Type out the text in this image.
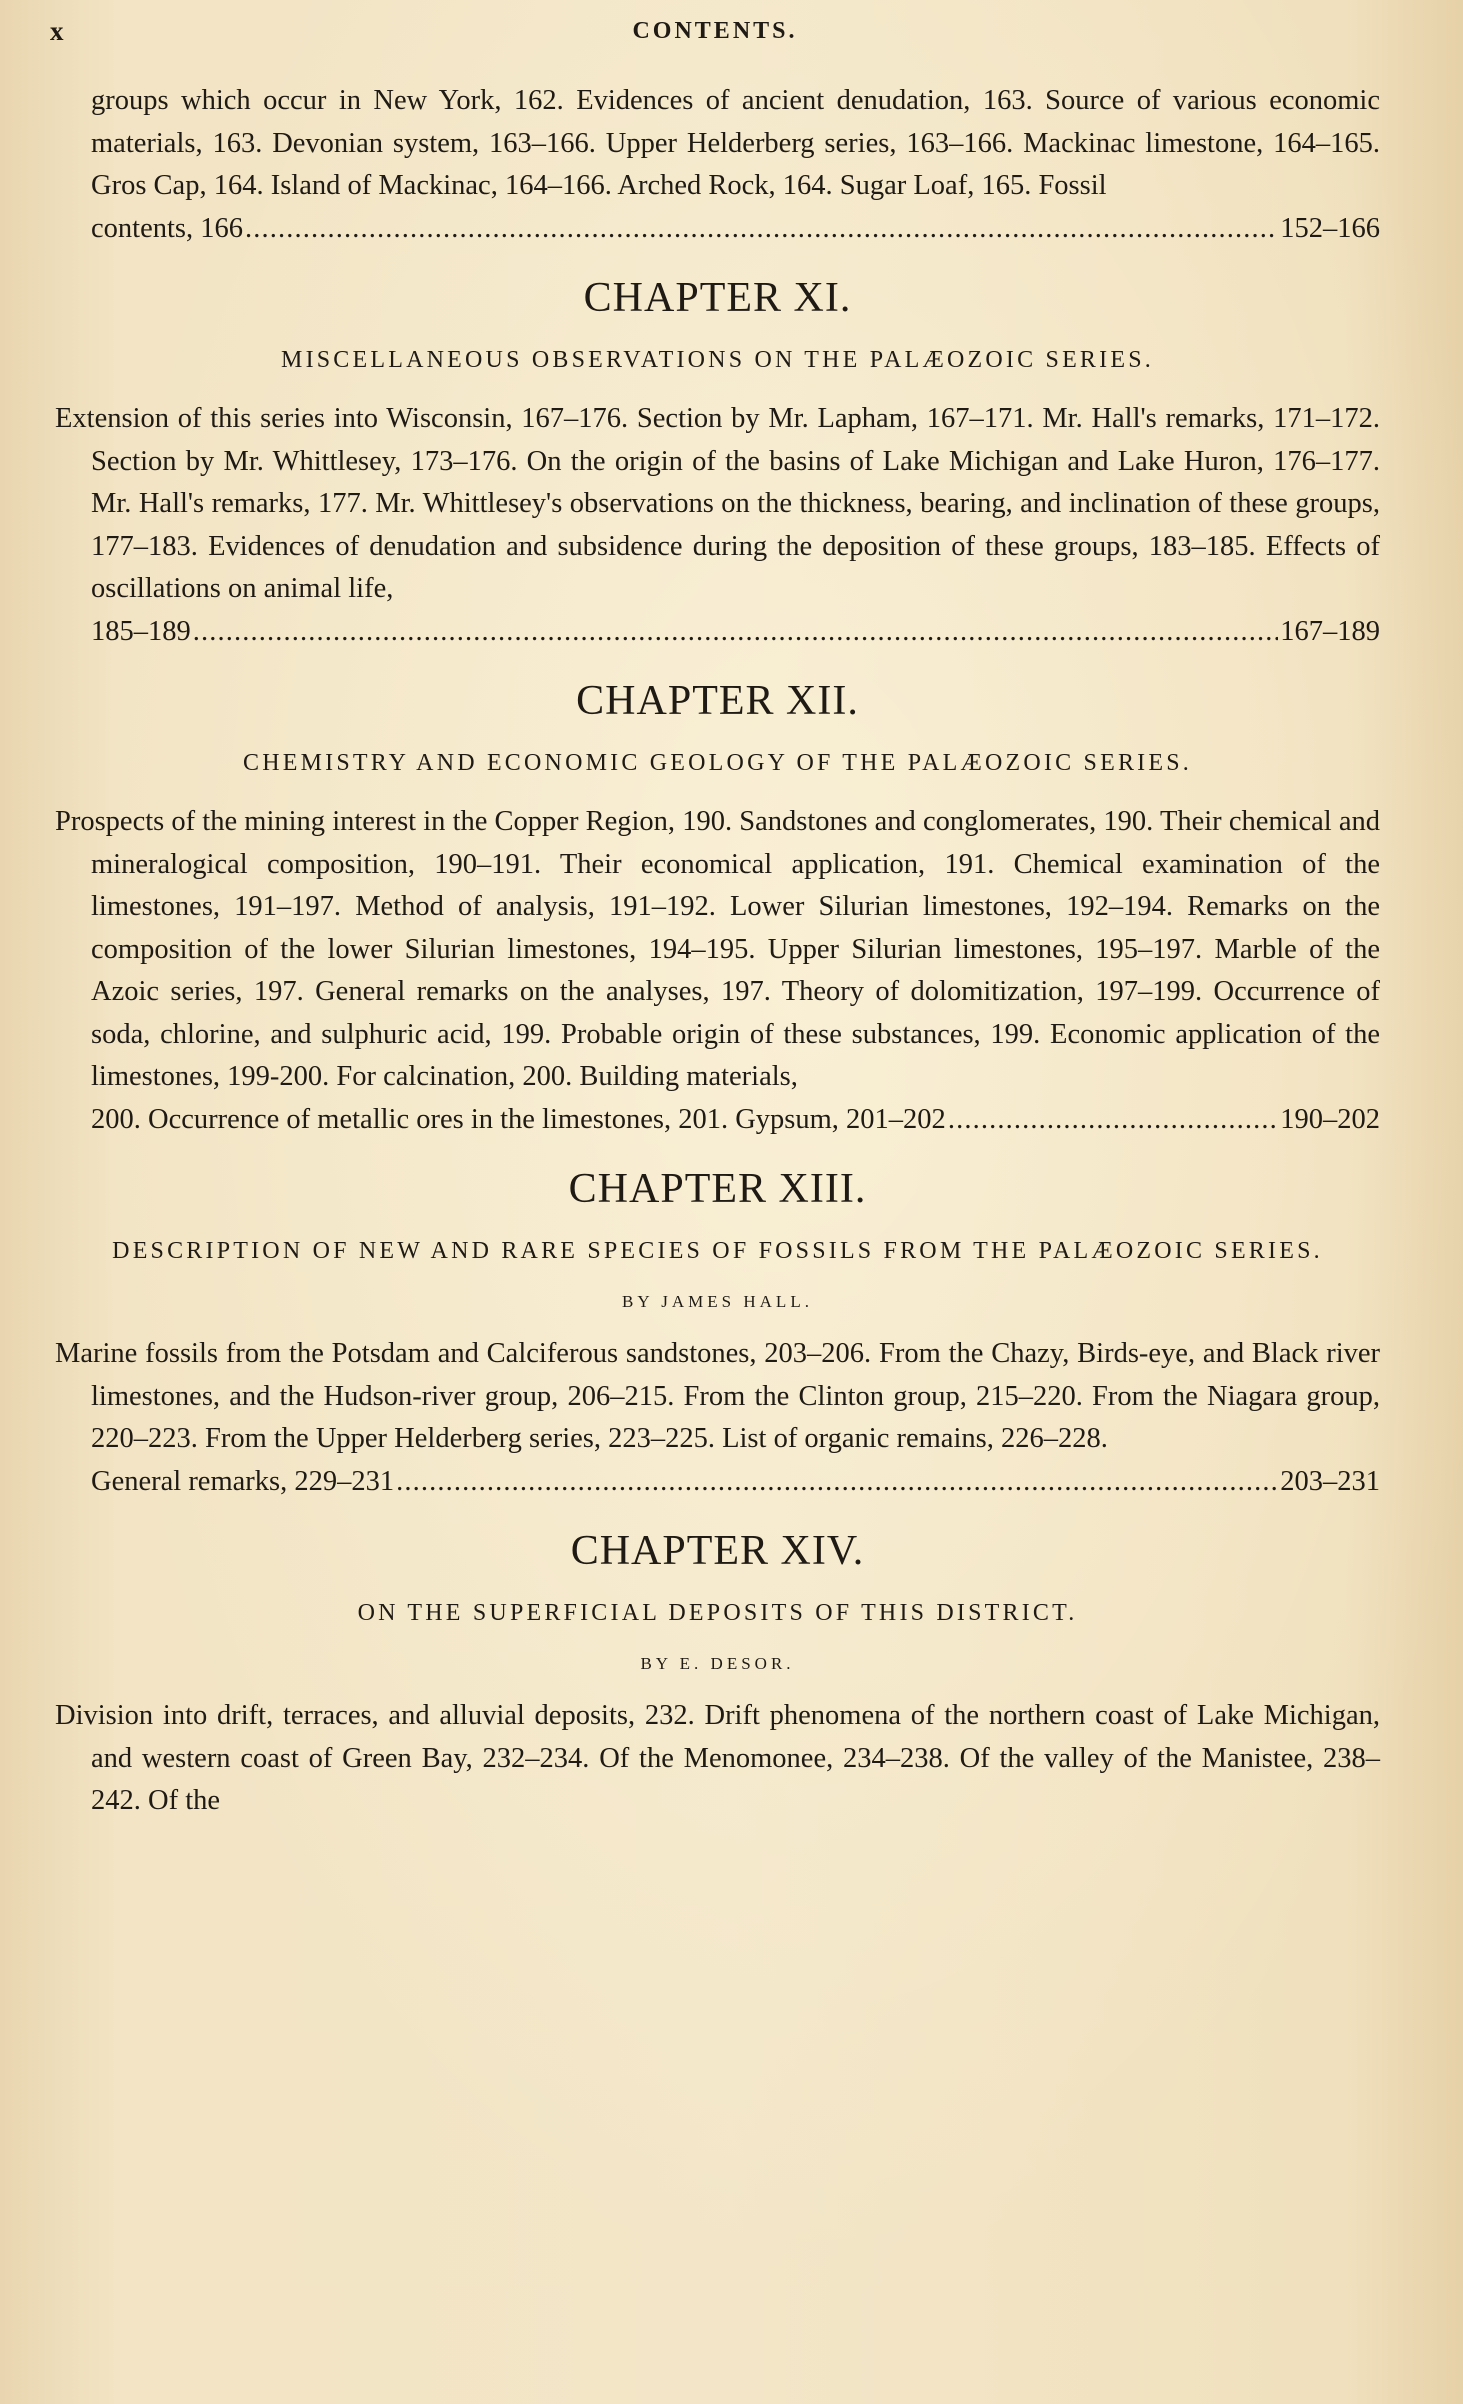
x	CONTENTS.

groups which occur in New York, 162. Evidences of ancient denudation, 163. Source of various economic materials, 163. Devonian system, 163–166. Upper Helderberg series, 163–166. Mackinac limestone, 164–165. Gros Cap, 164. Island of Mackinac, 164–166. Arched Rock, 164. Sugar Loaf, 165. Fossil

contents, 166 . . .	152–166
CHAPTER XI.
MISCELLANEOUS OBSERVATIONS ON THE PALÆOZOIC SERIES.

Extension of this series into Wisconsin, 167–176. Section by Mr. Lapham, 167–171. Mr. Hall's remarks, 171–172. Section by Mr. Whittlesey, 173–176. On the origin of the basins of Lake Michigan and Lake Huron, 176–177. Mr. Hall's remarks, 177. Mr. Whittlesey's observations on the thickness, bearing, and inclination of these groups, 177–183. Evidences of denudation and subsidence during the deposition of these groups, 183–185. Effects of oscillations on animal life,

185–189 . . .	167–189
CHAPTER XII.
CHEMISTRY AND ECONOMIC GEOLOGY OF THE PALÆOZOIC SERIES.

Prospects of the mining interest in the Copper Region, 190. Sandstones and conglomerates, 190. Their chemical and mineralogical composition, 190–191. Their economical application, 191. Chemical examination of the limestones, 191–197. Method of analysis, 191–192. Lower Silurian limestones, 192–194. Remarks on the composition of the lower Silurian limestones, 194–195. Upper Silurian limestones, 195–197. Marble of the Azoic series, 197. General remarks on the analyses, 197. Theory of dolomitization, 197–199. Occurrence of soda, chlorine, and sulphuric acid, 199. Probable origin of these substances, 199. Economic application of the limestones, 199-200. For calcination, 200. Building materials,

200. Occurrence of metallic ores in the limestones, 201. Gypsum, 201–202 . . .	190–202
CHAPTER XIII.
DESCRIPTION OF NEW AND RARE SPECIES OF FOSSILS FROM THE PALÆOZOIC SERIES.
BY JAMES HALL.

Marine fossils from the Potsdam and Calciferous sandstones, 203–206. From the Chazy, Birds-eye, and Black river limestones, and the Hudson-river group, 206–215. From the Clinton group, 215–220. From the Niagara group, 220–223. From the Upper Helderberg series, 223–225. List of organic remains, 226–228.

General remarks, 229–231 . . .	203–231
CHAPTER XIV.
ON THE SUPERFICIAL DEPOSITS OF THIS DISTRICT.
BY E. DESOR.

Division into drift, terraces, and alluvial deposits, 232. Drift phenomena of the northern coast of Lake Michigan, and western coast of Green Bay, 232–234. Of the Menomonee, 234–238. Of the valley of the Manistee, 238–242. Of the
